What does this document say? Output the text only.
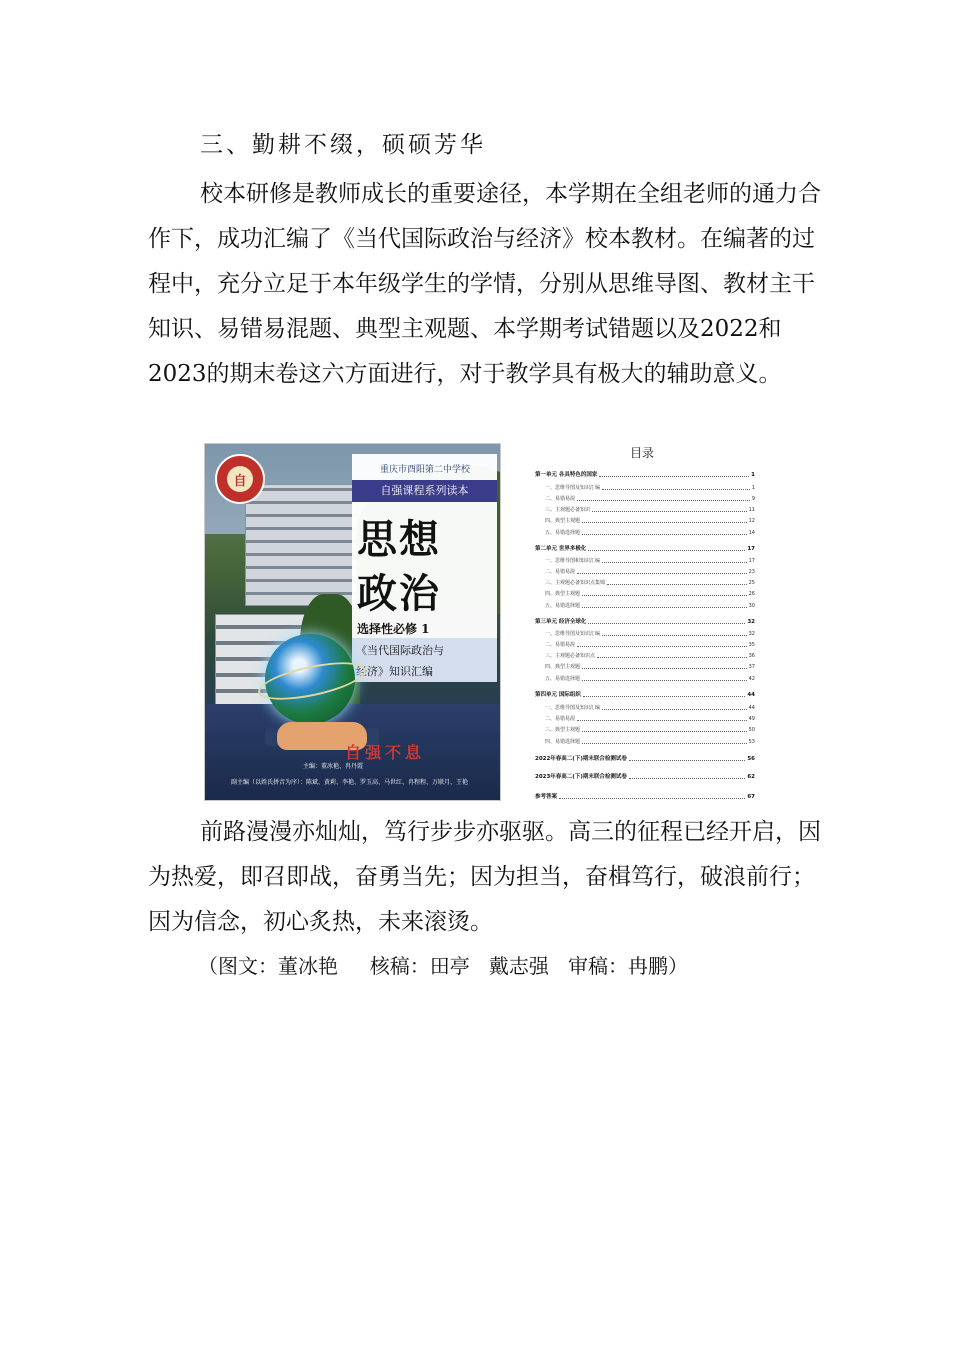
三、勤耕不缀，硕硕芳华

校本研修是教师成长的重要途径，本学期在全组老师的通力合作下，成功汇编了《当代国际政治与经济》校本教材。在编著的过程中，充分立足于本年级学生的学情，分别从思维导图、教材主干知识、易错易混题、典型主观题、本学期考试错题以及2022和2023的期末卷这六方面进行，对于教学具有极大的辅助意义。

自
重庆市酉阳第二中学校
自强课程系列读本
思想
政治
选择性必修 1
《当代国际政治与
经济》知识汇编
自强不息
主编：董冰艳、冉丹霞
副主编（以姓氏拼音为序）：陈斌、黄莉、李艳、罗玉高、马世红、冉程程、万联月、王艳
目录
第一单元 各具特色的国家	1
一、思维导图及知识汇编	1
二、易错易混	9
三、主观题必备知识	11
四、典型主观题	12
五、易错选择题	14
第二单元 世界多极化	17
一、思维导图和知识汇编	17
二、易错易混	23
三、主观题必备知识点集锦	25
四、典型主观题	26
五、易错选择题	30
第三单元 经济全球化	32
一、思维导图及知识汇编	32
二、易错易混	35
三、主观题必备知识点	36
四、典型主观题	37
五、易错选择题	42
第四单元 国际组织	44
一、思维导图及知识汇编	44
二、易错易混	49
三、典型主观题	50
四、易错选择题	53
2022年春高二(下)期末联合检测试卷	56
2023年春高二(下)期末联合检测试卷	62
参考答案	67

前路漫漫亦灿灿，笃行步步亦驱驱。高三的征程已经开启，因为热爱，即召即战，奋勇当先；因为担当，奋楫笃行，破浪前行；因为信念，初心炙热，未来滚烫。

（图文：董冰艳 核稿：田亭 戴志强 审稿：冉鹏）
